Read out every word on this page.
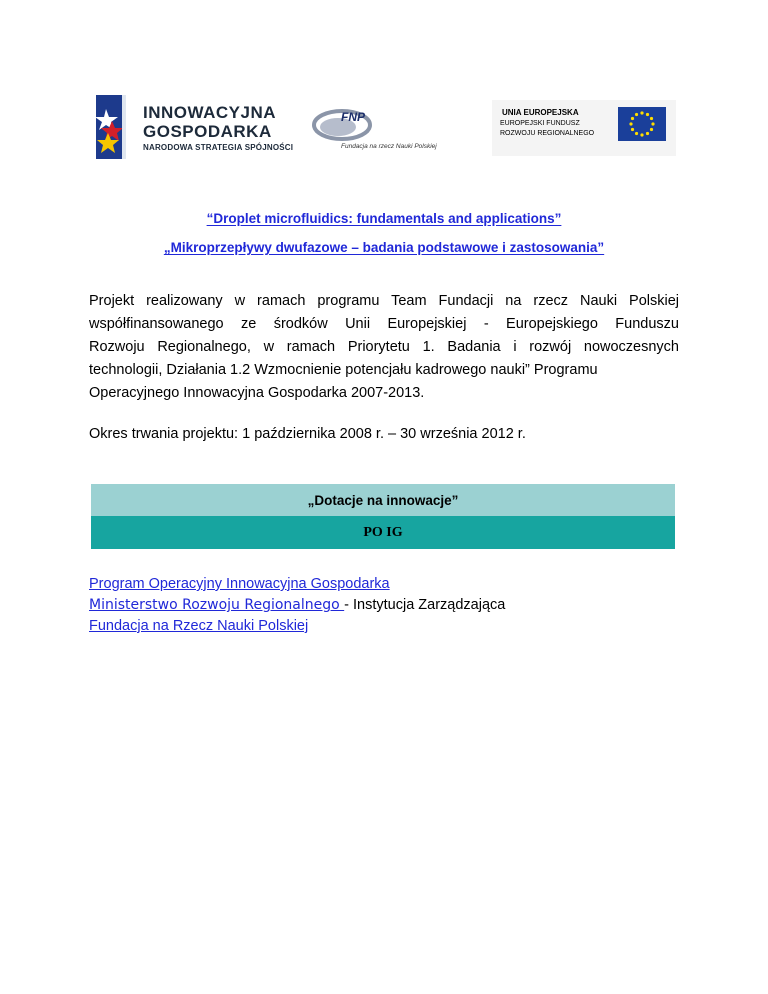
INNOWACYJNA
GOSPODARKA
NARODOWA STRATEGIA SPÓJNOŚCI
FNP
Fundacja na rzecz Nauki Polskiej
UNIA EUROPEJSKA
EUROPEJSKI FUNDUSZ
ROZWOJU REGIONALNEGO
“Droplet microfluidics: fundamentals and applications”
„Mikroprzepływy dwufazowe – badania podstawowe i zastosowania”
Projekt realizowany w ramach programu Team Fundacji na rzecz Nauki Polskiej
współfinansowanego ze środków Unii Europejskiej - Europejskiego Funduszu
Rozwoju Regionalnego, w ramach Priorytetu 1. Badania i rozwój nowoczesnych
technologii, Działania 1.2 Wzmocnienie potencjału kadrowego nauki” Programu
Operacyjnego Innowacyjna Gospodarka 2007-2013.
Okres trwania projektu: 1 października 2008 r. – 30 września 2012 r.
„Dotacje na innowacje”
PO IG
Program Operacyjny Innowacyjna Gospodarka
Ministerstwo Rozwoju Regionalnego - Instytucja Zarządzająca
Fundacja na Rzecz Nauki Polskiej
